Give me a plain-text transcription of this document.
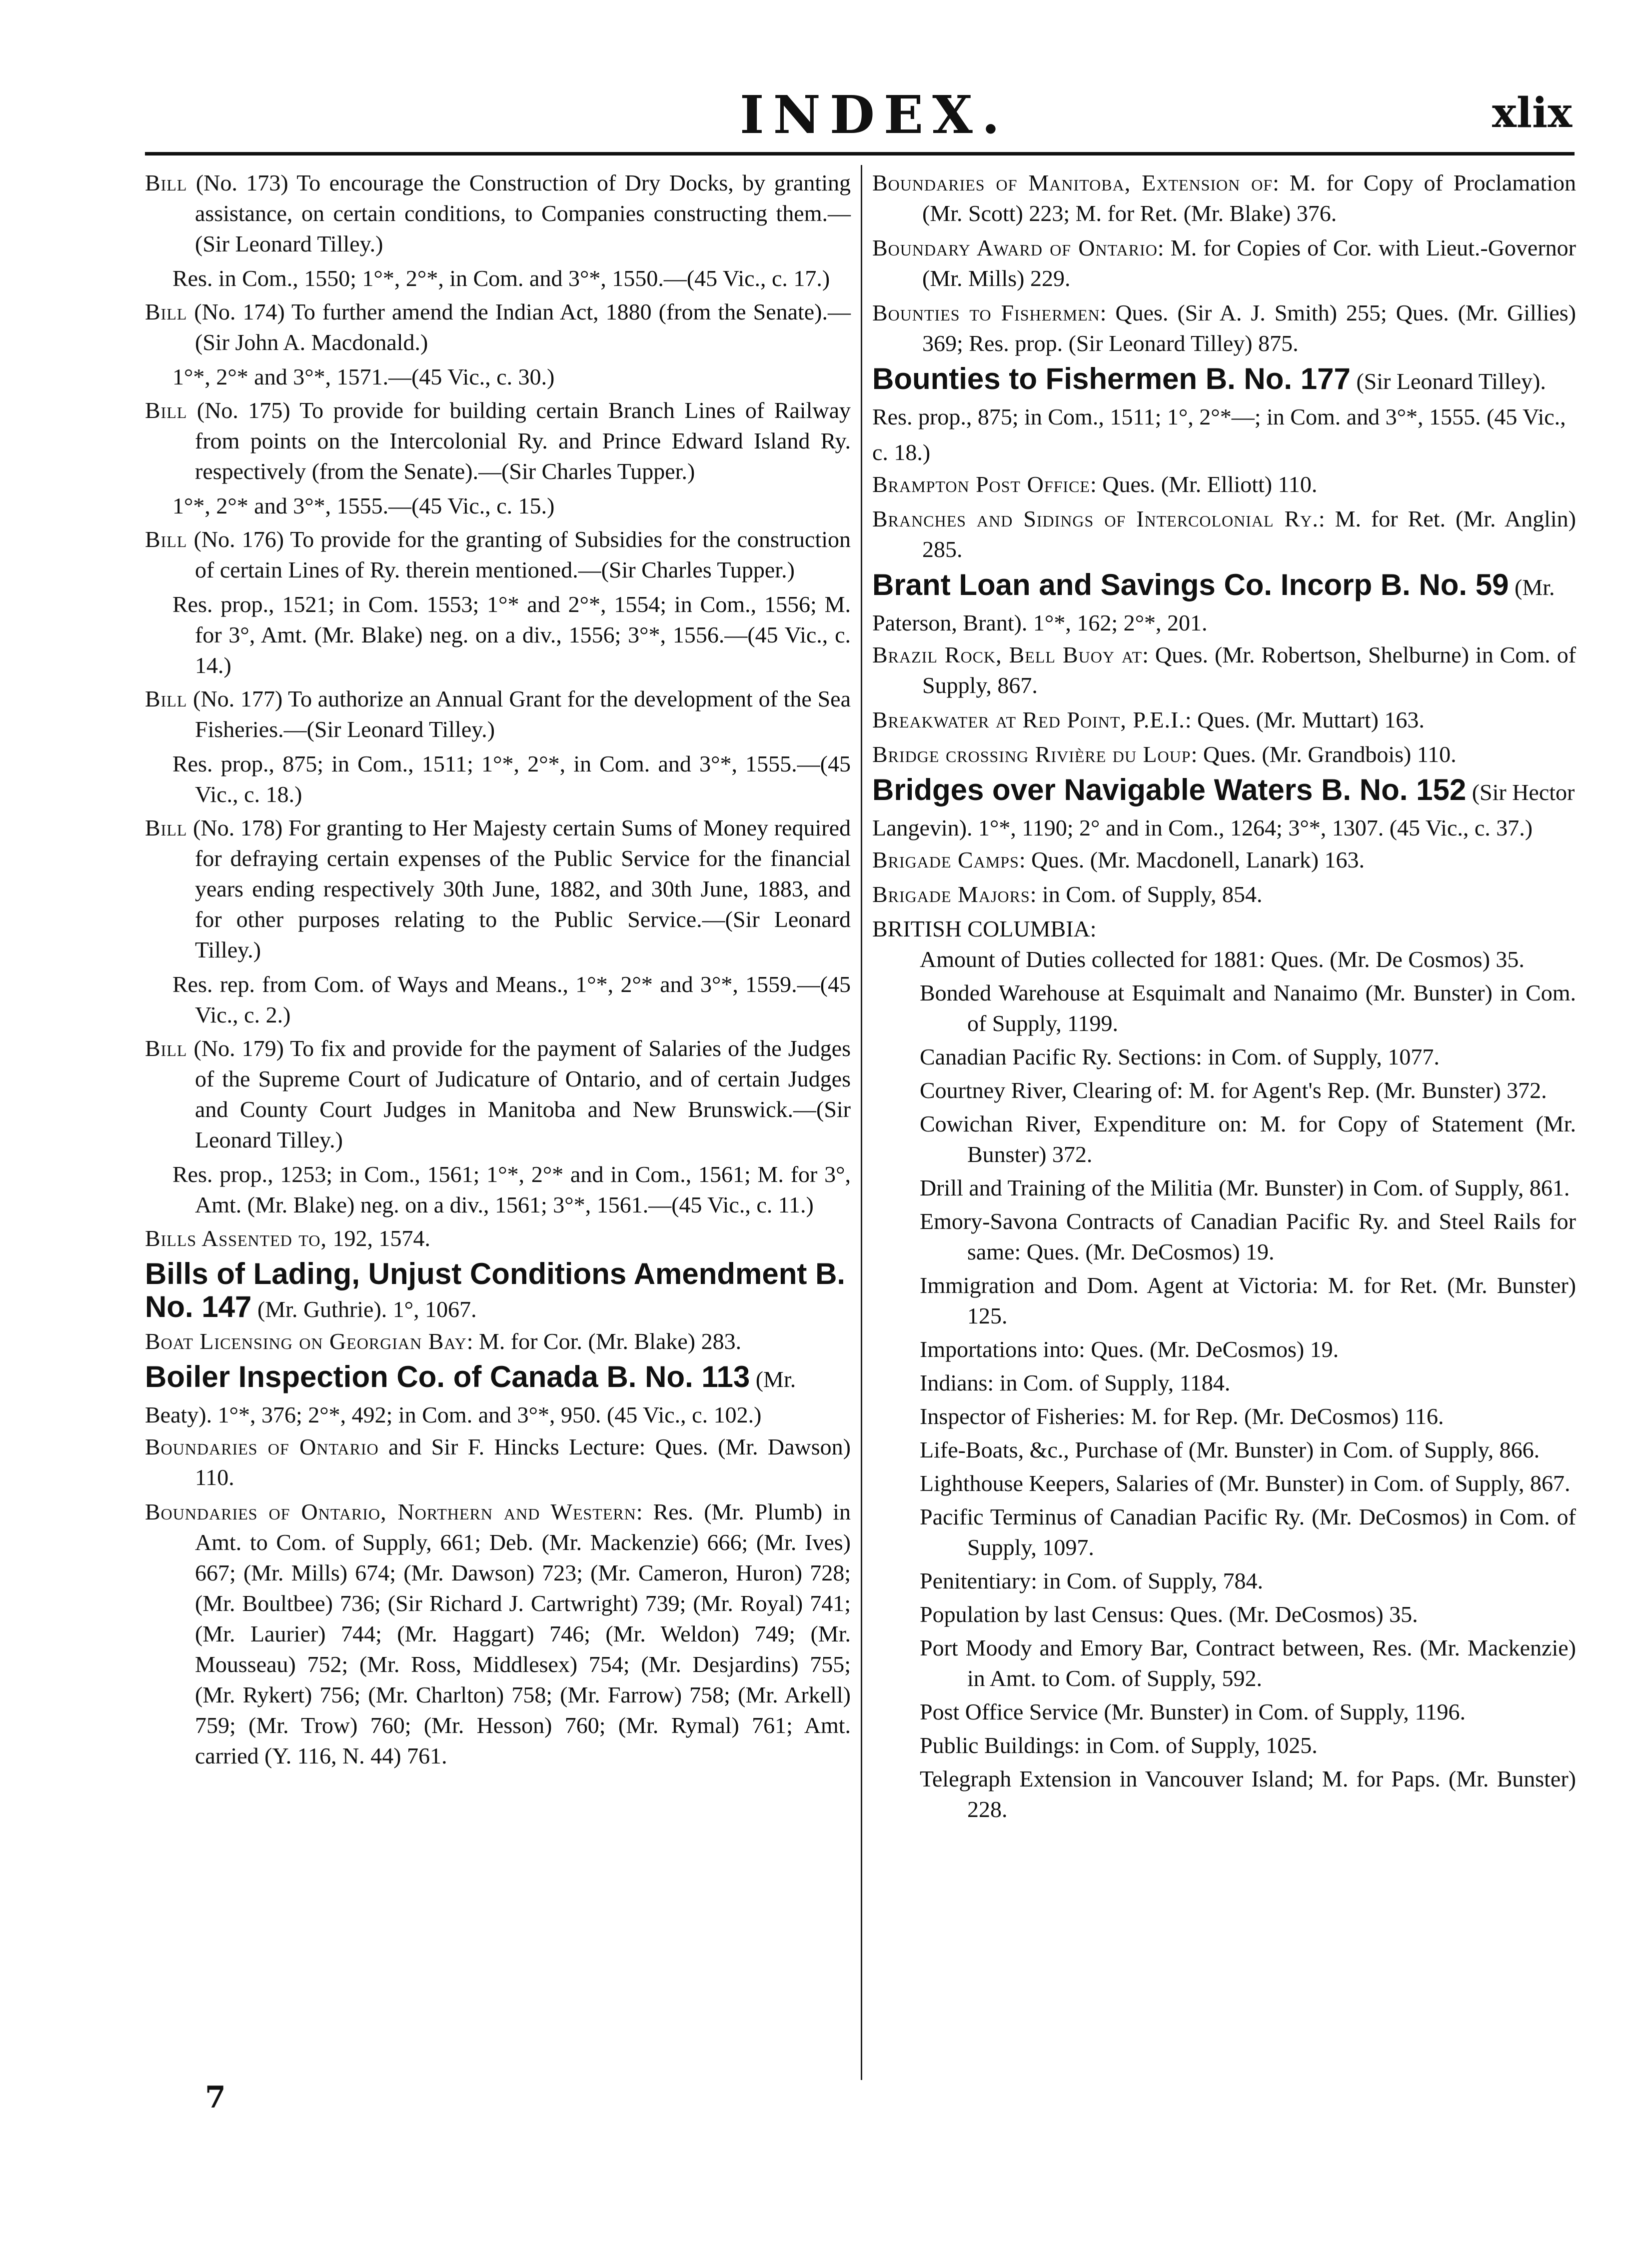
INDEX.	xlix
Bill (No. 173) To encourage the Construction of Dry Docks, by granting assistance, on certain conditions, to Companies constructing them.—(Sir Leonard Tilley.)
Res. in Com., 1550; 1°*, 2°*, in Com. and 3°*, 1550.—(45 Vic., c. 17.)
Bill (No. 174) To further amend the Indian Act, 1880 (from the Senate).—(Sir John A. Macdonald.)
1°*, 2°* and 3°*, 1571.—(45 Vic., c. 30.)
Bill (No. 175) To provide for building certain Branch Lines of Railway from points on the Intercolonial Ry. and Prince Edward Island Ry. respectively (from the Senate).—(Sir Charles Tupper.)
1°*, 2°* and 3°*, 1555.—(45 Vic., c. 15.)
Bill (No. 176) To provide for the granting of Subsidies for the construction of certain Lines of Ry. therein mentioned.—(Sir Charles Tupper.)
Res. prop., 1521; in Com. 1553; 1°* and 2°*, 1554; in Com., 1556; M. for 3°, Amt. (Mr. Blake) neg. on a div., 1556; 3°*, 1556.—(45 Vic., c. 14.)
Bill (No. 177) To authorize an Annual Grant for the development of the Sea Fisheries.—(Sir Leonard Tilley.)
Res. prop., 875; in Com., 1511; 1°*, 2°*, in Com. and 3°*, 1555.—(45 Vic., c. 18.)
Bill (No. 178) For granting to Her Majesty certain Sums of Money required for defraying certain expenses of the Public Service for the financial years ending respectively 30th June, 1882, and 30th June, 1883, and for other purposes relating to the Public Service.—(Sir Leonard Tilley.)
Res. rep. from Com. of Ways and Means., 1°*, 2°* and 3°*, 1559.—(45 Vic., c. 2.)
Bill (No. 179) To fix and provide for the payment of Salaries of the Judges of the Supreme Court of Judicature of Ontario, and of certain Judges and County Court Judges in Manitoba and New Brunswick.—(Sir Leonard Tilley.)
Res. prop., 1253; in Com., 1561; 1°*, 2°* and in Com., 1561; M. for 3°, Amt. (Mr. Blake) neg. on a div., 1561; 3°*, 1561.—(45 Vic., c. 11.)
Bills Assented to, 192, 1574.
Bills of Lading, Unjust Conditions Amendment B. No. 147 (Mr. Guthrie). 1°, 1067.
Boat Licensing on Georgian Bay: M. for Cor. (Mr. Blake) 283.
Boiler Inspection Co. of Canada B. No. 113 (Mr. Beaty). 1°*, 376; 2°*, 492; in Com. and 3°*, 950. (45 Vic., c. 102.)
Boundaries of Ontario and Sir F. Hincks Lecture: Ques. (Mr. Dawson) 110.
Boundaries of Ontario, Northern and Western: Res. (Mr. Plumb) in Amt. to Com. of Supply, 661; Deb. (Mr. Mackenzie) 666; (Mr. Ives) 667; (Mr. Mills) 674; (Mr. Dawson) 723; (Mr. Cameron, Huron) 728; (Mr. Boultbee) 736; (Sir Richard J. Cartwright) 739; (Mr. Royal) 741; (Mr. Laurier) 744; (Mr. Haggart) 746; (Mr. Weldon) 749; (Mr. Mousseau) 752; (Mr. Ross, Middlesex) 754; (Mr. Desjardins) 755; (Mr. Rykert) 756; (Mr. Charlton) 758; (Mr. Farrow) 758; (Mr. Arkell) 759; (Mr. Trow) 760; (Mr. Hesson) 760; (Mr. Rymal) 761; Amt. carried (Y. 116, N. 44) 761.
Boundaries of Manitoba, Extension of: M. for Copy of Proclamation (Mr. Scott) 223; M. for Ret. (Mr. Blake) 376.
Boundary Award of Ontario: M. for Copies of Cor. with Lieut.-Governor (Mr. Mills) 229.
Bounties to Fishermen: Ques. (Sir A. J. Smith) 255; Ques. (Mr. Gillies) 369; Res. prop. (Sir Leonard Tilley) 875.
Bounties to Fishermen B. No. 177 (Sir Leonard Tilley). Res. prop., 875; in Com., 1511; 1°, 2°*—; in Com. and 3°*, 1555. (45 Vic., c. 18.)
Brampton Post Office: Ques. (Mr. Elliott) 110.
Branches and Sidings of Intercolonial Ry.: M. for Ret. (Mr. Anglin) 285.
Brant Loan and Savings Co. Incorp B. No. 59 (Mr. Paterson, Brant). 1°*, 162; 2°*, 201.
Brazil Rock, Bell Buoy at: Ques. (Mr. Robertson, Shelburne) in Com. of Supply, 867.
Breakwater at Red Point, P.E.I.: Ques. (Mr. Muttart) 163.
Bridge crossing Rivière du Loup: Ques. (Mr. Grandbois) 110.
Bridges over Navigable Waters B. No. 152 (Sir Hector Langevin). 1°*, 1190; 2° and in Com., 1264; 3°*, 1307. (45 Vic., c. 37.)
Brigade Camps: Ques. (Mr. Macdonell, Lanark) 163.
Brigade Majors: in Com. of Supply, 854.
BRITISH COLUMBIA:
Amount of Duties collected for 1881: Ques. (Mr. De Cosmos) 35.
Bonded Warehouse at Esquimalt and Nanaimo (Mr. Bunster) in Com. of Supply, 1199.
Canadian Pacific Ry. Sections: in Com. of Supply, 1077.
Courtney River, Clearing of: M. for Agent's Rep. (Mr. Bunster) 372.
Cowichan River, Expenditure on: M. for Copy of Statement (Mr. Bunster) 372.
Drill and Training of the Militia (Mr. Bunster) in Com. of Supply, 861.
Emory-Savona Contracts of Canadian Pacific Ry. and Steel Rails for same: Ques. (Mr. DeCosmos) 19.
Immigration and Dom. Agent at Victoria: M. for Ret. (Mr. Bunster) 125.
Importations into: Ques. (Mr. DeCosmos) 19.
Indians: in Com. of Supply, 1184.
Inspector of Fisheries: M. for Rep. (Mr. DeCosmos) 116.
Life-Boats, &c., Purchase of (Mr. Bunster) in Com. of Supply, 866.
Lighthouse Keepers, Salaries of (Mr. Bunster) in Com. of Supply, 867.
Pacific Terminus of Canadian Pacific Ry. (Mr. DeCosmos) in Com. of Supply, 1097.
Penitentiary: in Com. of Supply, 784.
Population by last Census: Ques. (Mr. DeCosmos) 35.
Port Moody and Emory Bar, Contract between, Res. (Mr. Mackenzie) in Amt. to Com. of Supply, 592.
Post Office Service (Mr. Bunster) in Com. of Supply, 1196.
Public Buildings: in Com. of Supply, 1025.
Telegraph Extension in Vancouver Island; M. for Paps. (Mr. Bunster) 228.
7
